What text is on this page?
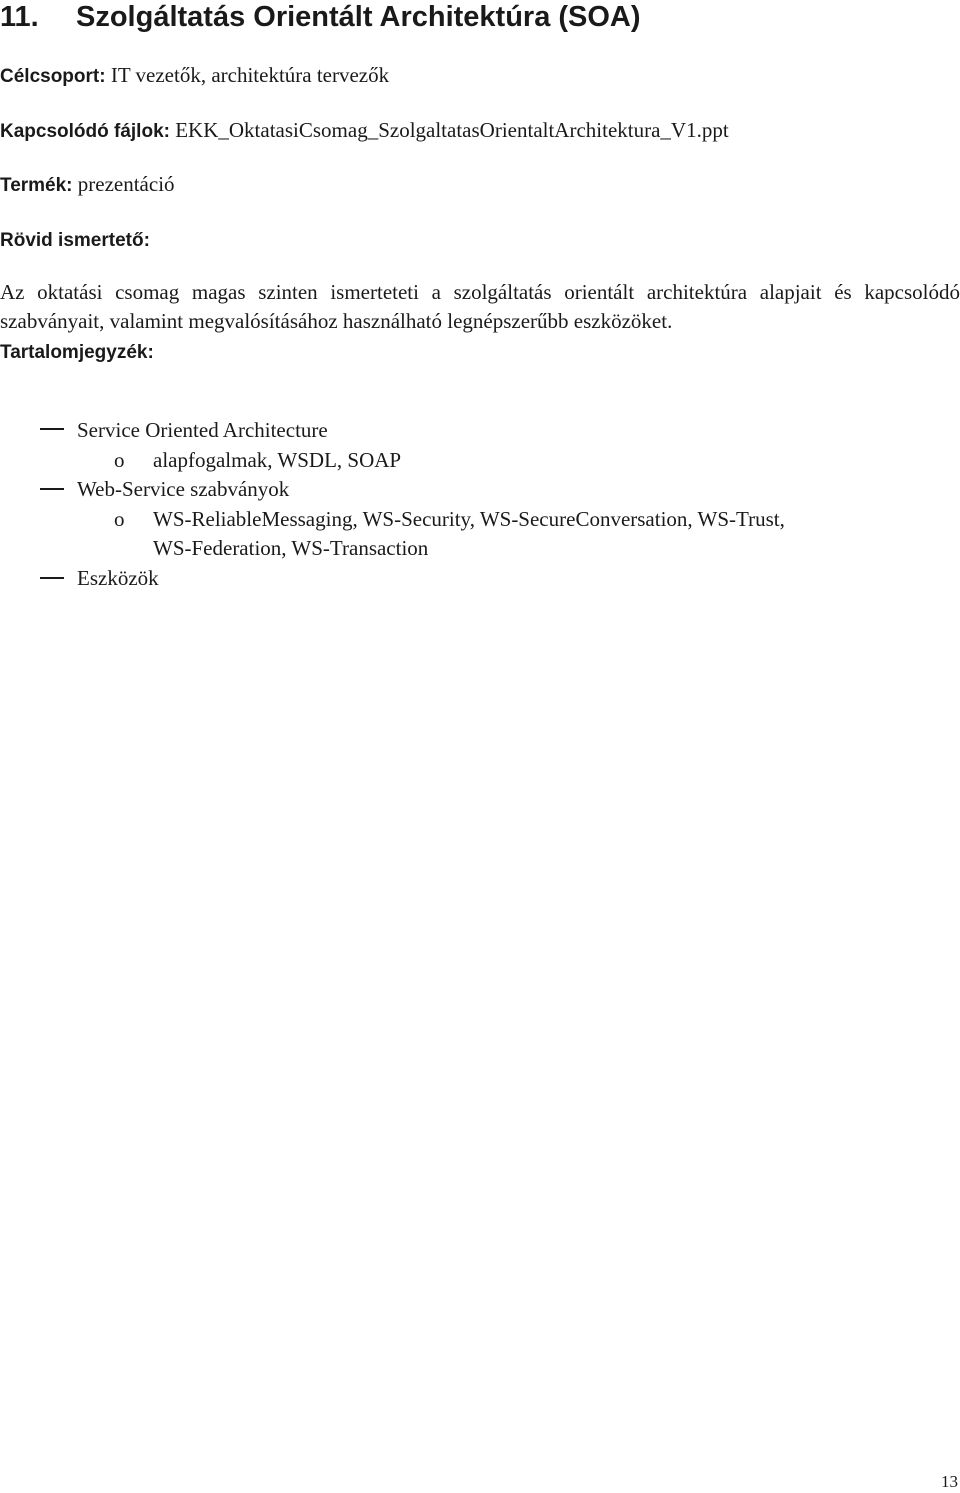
11. Szolgáltatás Orientált Architektúra (SOA)
Célcsoport: IT vezetők, architektúra tervezők
Kapcsolódó fájlok: EKK_OktatasiCsomag_SzolgaltatasOrientaltArchitektura_V1.ppt
Termék: prezentáció
Rövid ismertető:
Az oktatási csomag magas szinten ismerteteti a szolgáltatás orientált architektúra alapjait és kapcsolódó szabványait, valamint megvalósításához használható legnépszerűbb eszközöket.
Tartalomjegyzék:
Service Oriented Architecture
o alapfogalmak, WSDL, SOAP
Web-Service szabványok
o WS-ReliableMessaging, WS-Security, WS-SecureConversation, WS-Trust,
WS-Federation, WS-Transaction
Eszközök
13
